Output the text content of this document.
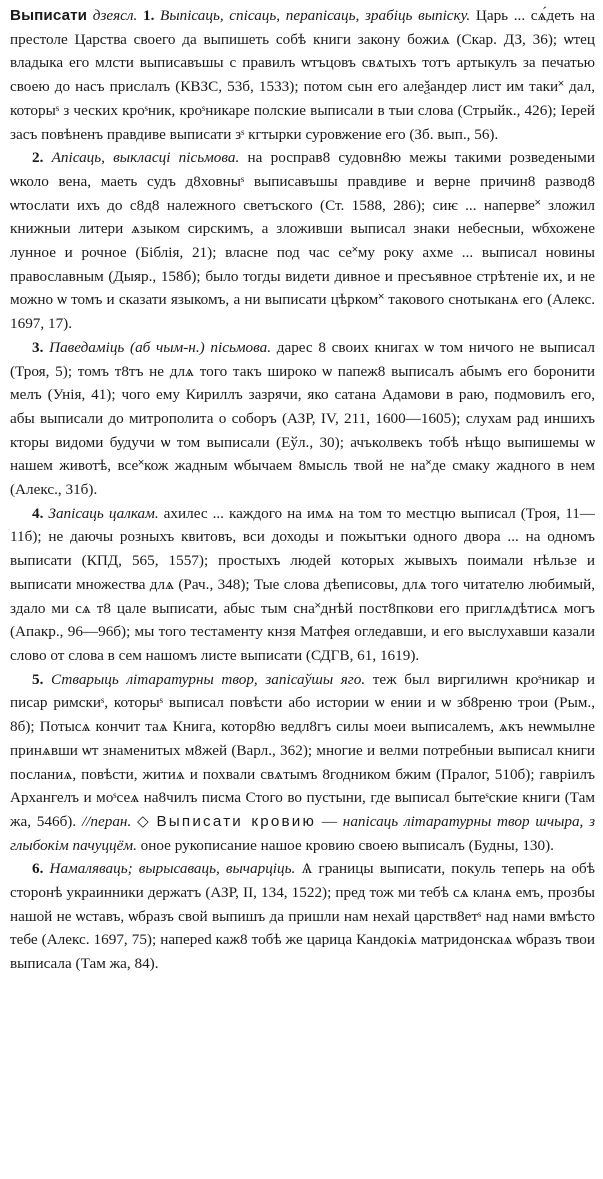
Выписати дзеясл. 1. Выпісаць, спісаць, перапісаць, зрабіць выпіску. Царь ... сѧ́деть на престоле Царства своего да выпишеть собѣ книги закону божиѧ (Скар. ДЗ, 36); ѡтец владыка его млсти выписавъшы с правилъ ѡтъцовъ свѧтыхъ тотъ артыкулъ за печатью своею до насъ прислалъ (КВЗС, 53б, 1533); потом сын его алеѯандер лист им таки˟ дал, которыˢ з ческих кроˢник, кроˢникаре полские выписали в тыи слова (Стрыйк., 426); Iерей засъ повѣненъ правдиве выписати зˢ кгтырки суровжение его (Зб. вып., 56).

2. Апісаць, выкласці пісьмова. на росправ8 судовн8ю межы такими розведеными ѡколо вена, маеть судъ д8ховныˢ выписавъшы правдиве и верне причин8 развод8 ѡтослати ихъ до с8д8 належного светъского (Ст. 1588, 286); сиѥ ... наперве˟ зложил книжныи литери ѧзыком сирскимъ, а зложивши выписал знаки небесныи, ѡбхожене лунное и рочное (Біблія, 21); власне под час се˟му року ахме ... выписал новины православным (Дыяр., 158б); было тогды видети дивное и пресъявное стрѣтенiе их, и не можно ѡ томъ и сказати языкомъ, а ни выписати цѣрком˟ такового снотыканѧ его (Алекс. 1697, 17).

3. Паведаміць (аб чым-н.) пісьмова. дарес 8 своих книгах ѡ том ничого не выписал (Троя, 5); томъ т8тъ не длѧ того такъ широко ѡ папеж8 выписалъ абымъ его боронити мелъ (Унія, 41); чого ему Кириллъ зазрячи, яко сатана Адамови в раю, подмовилъ его, абы выписали до митрополита о соборъ (АЗР, IV, 211, 1600—1605); слухам рад иншихъ кторы видоми будучи ѡ том выписали (Еўл., 30); ачъколвекъ тобѣ нѣщо выпишемы ѡ нашем животѣ, все˟кож жадным ѡбычаем 8мысль твой не на˟де смаку жадного в нем (Алекс., 31б).

4. Запісаць цалкам. ахилес ... каждого на имѧ на том то местцю выписал (Троя, 11—11б); не даючы розныхъ квитовъ, вси доходы и пожытъки одного двора ... на одномъ выписати (КПД, 565, 1557); простыхъ людей которых жывыхъ поимали нѣльзе и выписати множества длѧ (Рач., 348); Тые слова дѣеписовы, длѧ того читателю любимый, здало ми сѧ т8 цале выписати, абыс тым сна˟днѣй пост8пкови его приглѧдѣтисѧ могъ (Апакр., 96—96б); мы того тестаменту кнзя Матфея огледавши, и его выслухавши казали слово от слова в сем нашомъ листе выписати (СДГВ, 61, 1619).

5. Стварыць літаратурны твор, запісаўшы яго. теж был виргилиѡн кроˢникар и писар римскиˢ, которыˢ выписал повѣсти або истории ѡ ении и ѡ зб8реню трои (Рым., 8б); Потысѧ кончит таѧ Книга, котор8ю ведл8гъ силы моеи выписалемъ, ѧкъ неѡмылне принѧвши ѡт знаменитых м8жей (Варл., 362); многие и велми потребныи выписал книги посланиѧ, повѣсти, житиѧ и похвали свѧтымъ 8годником бжим (Пралог, 510б); гавріилъ Архангелъ и моˢсеѧ на8чилъ писма Стого во пустыни, где выписал бытеˢские книги (Там жа, 546б). //перан. ◇ Выписати кровию — напісаць літаратурны твор шчыра, з глыбокім пачуццём. оное рукописание нашое кровию своею выписалъ (Будны, 130).

6. Намаляваць; вырысаваць, вычарціць. Ѧ границы выписати, покуль теперь на обѣ сторонѣ украинники держатъ (АЗР, II, 134, 1522); пред тож ми тебѣ сѧ кланѧ емъ, прозбы нашой не ѡставъ, ѡбразъ свой выпишъ да пришли нам нехай царств8етˢ над нами вмѣсто тебе (Алекс. 1697, 75); напеped каж8 тобѣ же царица Кандокiѧ матридонскаѧ ѡбразъ твои выписала (Там жа, 84).
